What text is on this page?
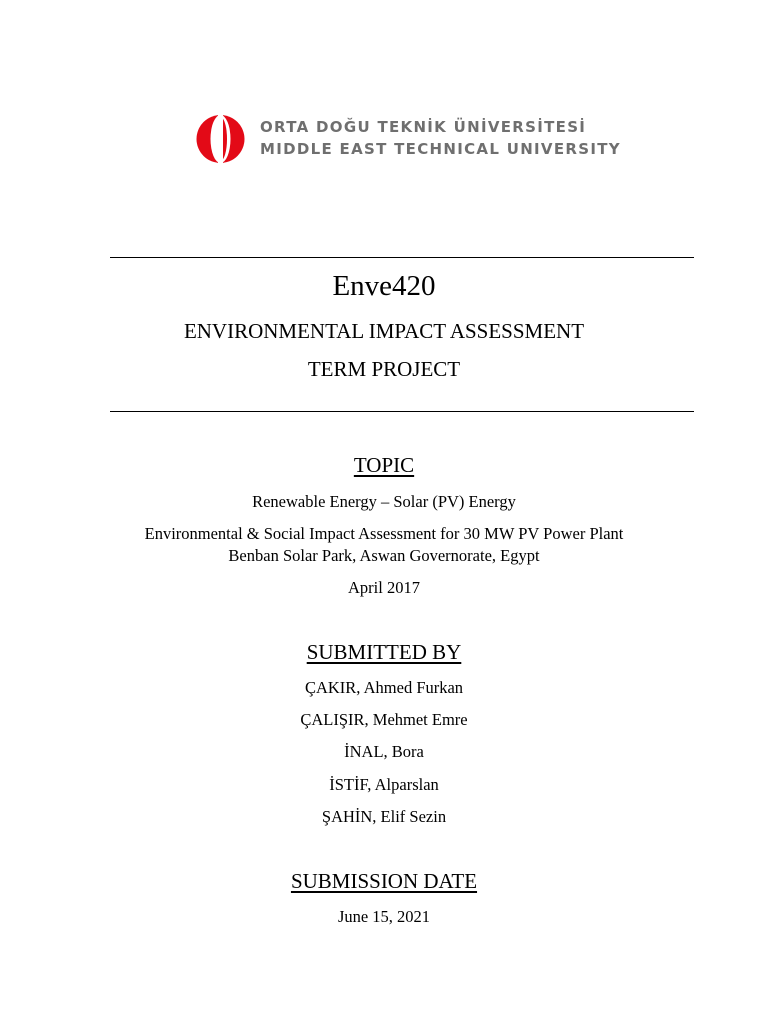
ORTA DOĞU TEKNİK ÜNİVERSİTESİ
MIDDLE EAST TECHNICAL UNIVERSITY

Enve420

ENVIRONMENTAL IMPACT ASSESSMENT

TERM PROJECT

TOPIC

Renewable Energy – Solar (PV) Energy

Environmental & Social Impact Assessment for 30 MW PV Power Plant

Benban Solar Park, Aswan Governorate, Egypt

April 2017

SUBMITTED BY

ÇAKIR, Ahmed Furkan

ÇALIŞIR, Mehmet Emre

İNAL, Bora

İSTİF, Alparslan

ŞAHİN, Elif Sezin

SUBMISSION DATE

June 15, 2021
